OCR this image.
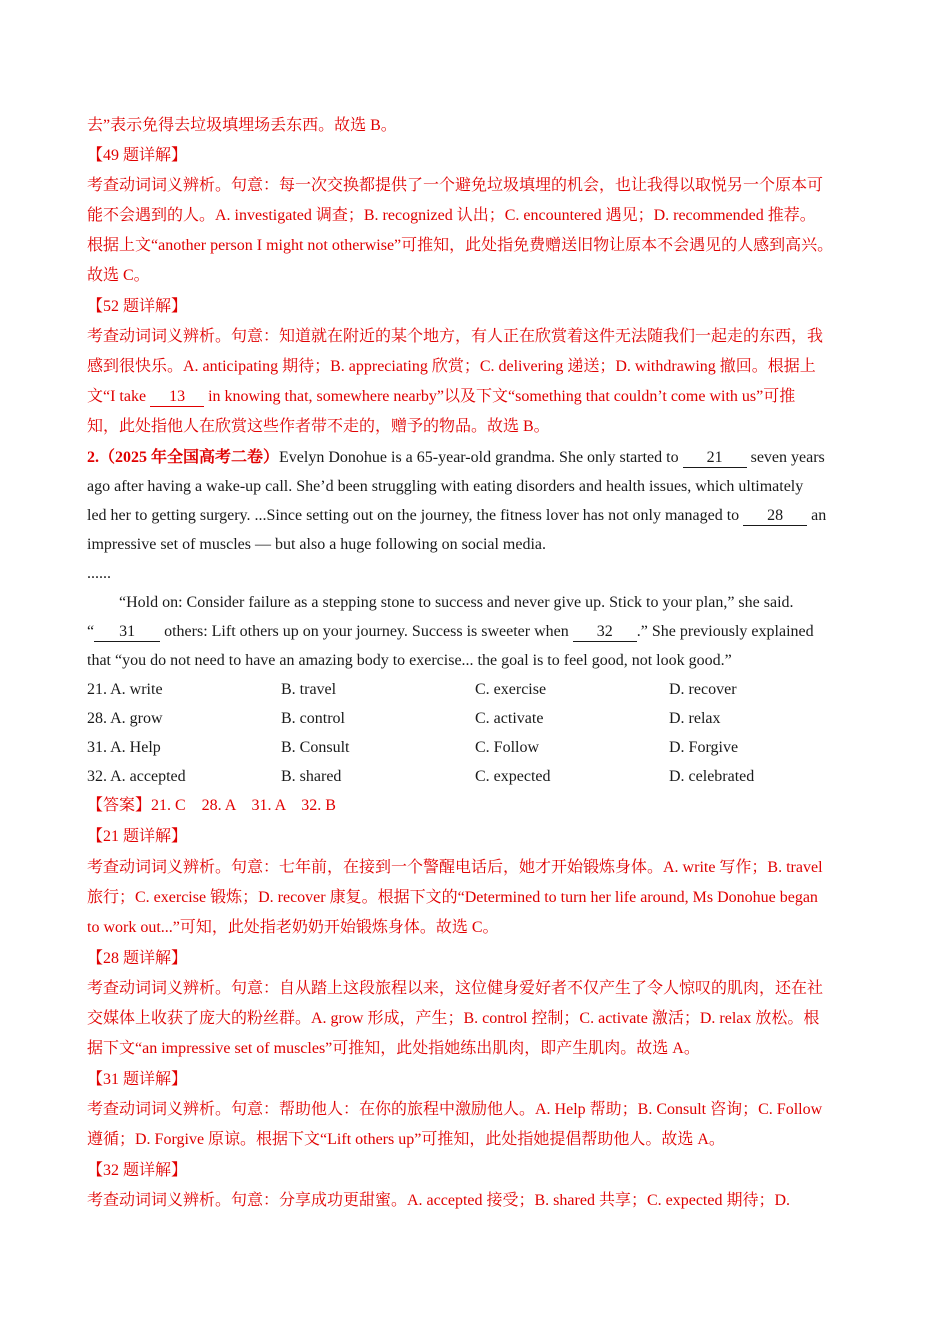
去”表示免得去垃圾填埋场丢东西。故选 B。
【49 题详解】
考查动词词义辨析。句意：每一次交换都提供了一个避免垃圾填埋的机会，也让我得以取悦另一个原本可
能不会遇到的人。A. investigated 调查；B. recognized 认出；C. encountered 遇见；D. recommended 推荐。
根据上文“another person I might not otherwise”可推知，此处指免费赠送旧物让原本不会遇见的人感到高兴。
故选 C。
【52 题详解】
考查动词词义辨析。句意：知道就在附近的某个地方，有人正在欣赏着这件无法随我们一起走的东西，我
感到很快乐。A. anticipating 期待；B. appreciating 欣赏；C. delivering 递送；D. withdrawing 撤回。根据上
文“I take 13 in knowing that, somewhere nearby”以及下文“something that couldn’t come with us”可推
知，此处指他人在欣赏这些作者带不走的，赠予的物品。故选 B。
2.（2025 年全国高考二卷）Evelyn Donohue is a 65-year-old grandma. She only started to 21 seven years
ago after having a wake-up call. She’d been struggling with eating disorders and health issues, which ultimately
led her to getting surgery. ...Since setting out on the journey, the fitness lover has not only managed to 28 an
impressive set of muscles — but also a huge following on social media.
......
“Hold on: Consider failure as a stepping stone to success and never give up. Stick to your plan,” she said.
“ 31 others: Lift others up on your journey. Success is sweeter when 32 .” She previously explained
that “you do not need to have an amazing body to exercise... the goal is to feel good, not look good.”
21. A. write	B. travel	C. exercise	D. recover
28. A. grow	B. control	C. activate	D. relax
31. A. Help	B. Consult	C. Follow	D. Forgive
32. A. accepted	B. shared	C. expected	D. celebrated
【答案】21. C    28. A    31. A    32. B
【21 题详解】
考查动词词义辨析。句意：七年前，在接到一个警醒电话后，她才开始锻炼身体。A. write 写作；B. travel
旅行；C. exercise 锻炼；D. recover 康复。根据下文的“Determined to turn her life around, Ms Donohue began
to work out...”可知，此处指老奶奶开始锻炼身体。故选 C。
【28 题详解】
考查动词词义辨析。句意：自从踏上这段旅程以来，这位健身爱好者不仅产生了令人惊叹的肌肉，还在社
交媒体上收获了庞大的粉丝群。A. grow 形成，产生；B. control 控制；C. activate 激活；D. relax 放松。根
据下文“an impressive set of muscles”可推知，此处指她练出肌肉，即产生肌肉。故选 A。
【31 题详解】
考查动词词义辨析。句意：帮助他人：在你的旅程中激励他人。A. Help 帮助；B. Consult 咨询；C. Follow
遵循；D. Forgive 原谅。根据下文“Lift others up”可推知，此处指她提倡帮助他人。故选 A。
【32 题详解】
考查动词词义辨析。句意：分享成功更甜蜜。A. accepted 接受；B. shared 共享；C. expected 期待；D.
